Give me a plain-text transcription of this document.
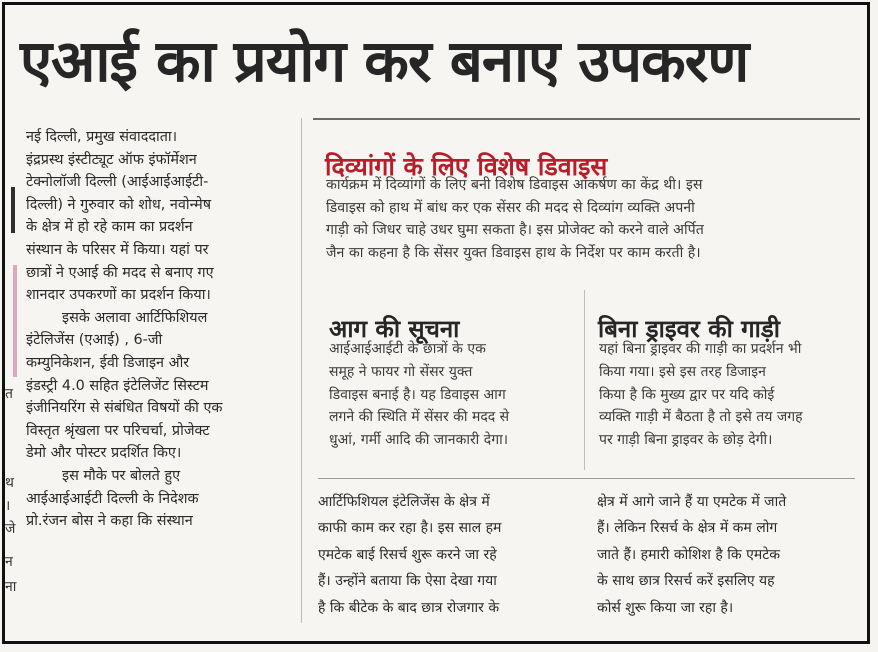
एआई का प्रयोग कर बनाए उपकरण
त
थ
।
जे
न
ना

नई दिल्ली, प्रमुख संवाददाता।

इंद्रप्रस्थ इंस्टीट्यूट ऑफ इंफॉर्मेशन

टेक्नोलॉजी दिल्ली (आईआईआईटी-

दिल्ली) ने गुरुवार को शोध, नवोन्मेष

के क्षेत्र में हो रहे काम का प्रदर्शन

संस्थान के परिसर में किया। यहां पर

छात्रों ने एआई की मदद से बनाए गए

शानदार उपकरणों का प्रदर्शन किया।

इसके अलावा आर्टिफिशियल

इंटेलिजेंस (एआई) , 6-जी

कम्युनिकेशन, ईवी डिजाइन और

इंडस्ट्री 4.0 सहित इंटेलिजेंट सिस्टम

इंजीनियरिंग से संबंधित विषयों की एक

विस्तृत श्रृंखला पर परिचर्चा, प्रोजेक्ट

डेमो और पोस्टर प्रदर्शित किए।

इस मौके पर बोलते हुए

आईआईआईटी दिल्ली के निदेशक

प्रो.रंजन बोस ने कहा कि संस्थान

दिव्यांगों के लिए विशेष डिवाइस
कार्यक्रम में दिव्यांगों के लिए बनी विशेष डिवाइस आकर्षण का केंद्र थी। इस
डिवाइस को हाथ में बांध कर एक सेंसर की मदद से दिव्यांग व्यक्ति अपनी
गाड़ी को जिधर चाहे उधर घुमा सकता है। इस प्रोजेक्ट को करने वाले अर्पित
जैन का कहना है कि सेंसर युक्त डिवाइस हाथ के निर्देश पर काम करती है।
आग की सूचना
आईआईआईटी के छात्रों के एक
समूह ने फायर गो सेंसर युक्त
डिवाइस बनाई है। यह डिवाइस आग
लगने की स्थिति में सेंसर की मदद से
धुआं, गर्मी आदि की जानकारी देगा।
बिना ड्राइवर की गाड़ी
यहां बिना ड्राइवर की गाड़ी का प्रदर्शन भी
किया गया। इसे इस तरह डिजाइन
किया है कि मुख्य द्वार पर यदि कोई
व्यक्ति गाड़ी में बैठता है तो इसे तय जगह
पर गाड़ी बिना ड्राइवर के छोड़ देगी।
आर्टिफिशियल इंटेलिजेंस के क्षेत्र में
काफी काम कर रहा है। इस साल हम
एमटेक बाई रिसर्च शुरू करने जा रहे
हैं। उन्होंने बताया कि ऐसा देखा गया
है कि बीटेक के बाद छात्र रोजगार के
क्षेत्र में आगे जाने हैं या एमटेक में जाते
हैं। लेकिन रिसर्च के क्षेत्र में कम लोग
जाते हैं। हमारी कोशिश है कि एमटेक
के साथ छात्र रिसर्च करें इसलिए यह
कोर्स शुरू किया जा रहा है।
